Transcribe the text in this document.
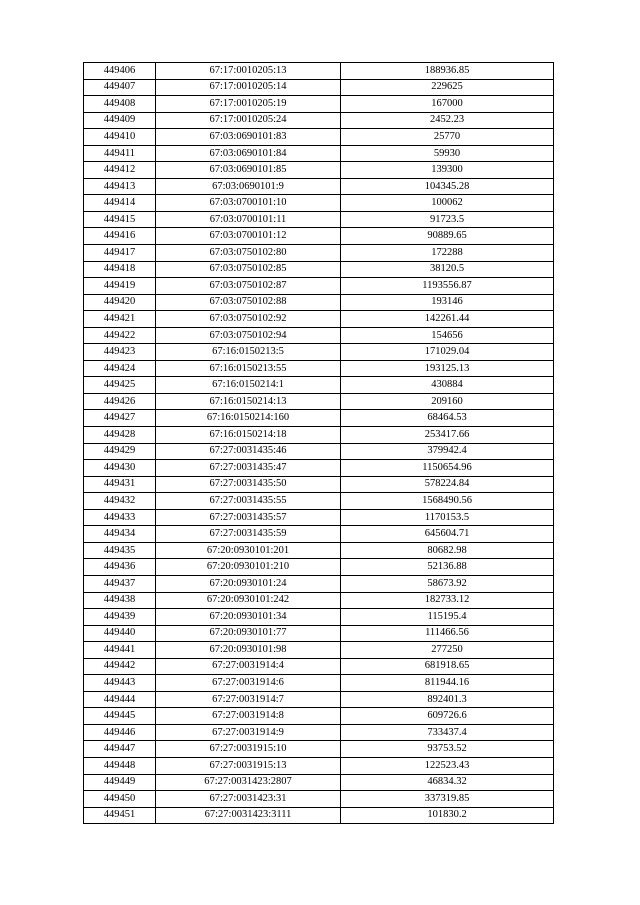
449406	67:17:0010205:13	188936.85
449407	67:17:0010205:14	229625
449408	67:17:0010205:19	167000
449409	67:17:0010205:24	2452.23
449410	67:03:0690101:83	25770
449411	67:03:0690101:84	59930
449412	67:03:0690101:85	139300
449413	67:03:0690101:9	104345.28
449414	67:03:0700101:10	100062
449415	67:03:0700101:11	91723.5
449416	67:03:0700101:12	90889.65
449417	67:03:0750102:80	172288
449418	67:03:0750102:85	38120.5
449419	67:03:0750102:87	1193556.87
449420	67:03:0750102:88	193146
449421	67:03:0750102:92	142261.44
449422	67:03:0750102:94	154656
449423	67:16:0150213:5	171029.04
449424	67:16:0150213:55	193125.13
449425	67:16:0150214:1	430884
449426	67:16:0150214:13	209160
449427	67:16:0150214:160	68464.53
449428	67:16:0150214:18	253417.66
449429	67:27:0031435:46	379942.4
449430	67:27:0031435:47	1150654.96
449431	67:27:0031435:50	578224.84
449432	67:27:0031435:55	1568490.56
449433	67:27:0031435:57	1170153.5
449434	67:27:0031435:59	645604.71
449435	67:20:0930101:201	80682.98
449436	67:20:0930101:210	52136.88
449437	67:20:0930101:24	58673.92
449438	67:20:0930101:242	182733.12
449439	67:20:0930101:34	115195.4
449440	67:20:0930101:77	111466.56
449441	67:20:0930101:98	277250
449442	67:27:0031914:4	681918.65
449443	67:27:0031914:6	811944.16
449444	67:27:0031914:7	892401.3
449445	67:27:0031914:8	609726.6
449446	67:27:0031914:9	733437.4
449447	67:27:0031915:10	93753.52
449448	67:27:0031915:13	122523.43
449449	67:27:0031423:2807	46834.32
449450	67:27:0031423:31	337319.85
449451	67:27:0031423:3111	101830.2
